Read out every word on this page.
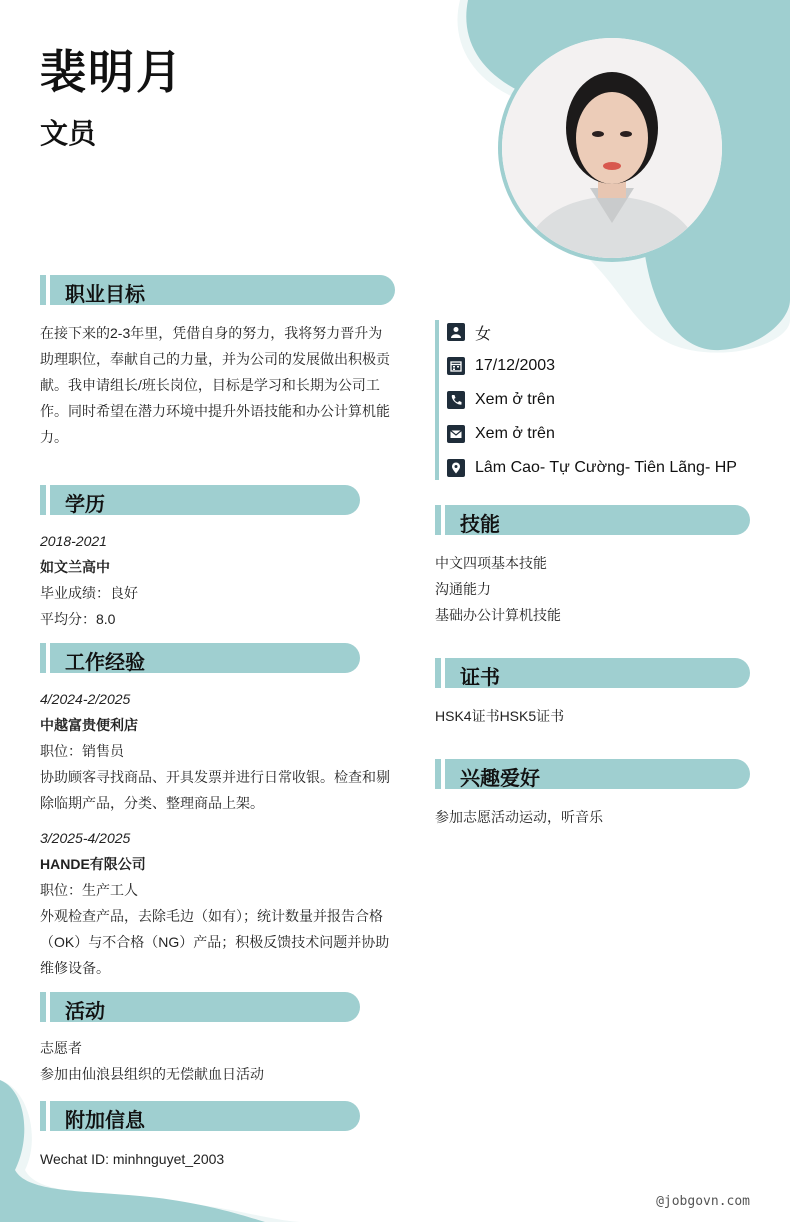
裴明月
文员
职业目标
在接下来的2-3年里，凭借自身的努力，我将努力晋升为
助理职位，奉献自己的力量，并为公司的发展做出积极贡
献。我申请组长/班长岗位，目标是学习和长期为公司工
作。同时希望在潜力环境中提升外语技能和办公计算机能
力。
学历
2018-2021
如文兰高中
毕业成绩：良好
平均分：8.0
工作经验
4/2024-2/2025
中越富贵便利店
职位：销售员
协助顾客寻找商品、开具发票并进行日常收银。检查和剔
除临期产品，分类、整理商品上架。
3/2025-4/2025
HANDE有限公司
职位：生产工人
外观检查产品，去除毛边（如有）；统计数量并报告合格
（OK）与不合格（NG）产品；积极反馈技术问题并协助
维修设备。
活动
志愿者
参加由仙浪县组织的无偿献血日活动
附加信息
Wechat ID: minhnguyet_2003
女
17/12/2003
Xem ở trên
Xem ở trên
Lâm Cao- Tự Cường- Tiên Lãng- HP
技能
中文四项基本技能
沟通能力
基础办公计算机技能
证书
HSK4证书HSK5证书
兴趣爱好
参加志愿活动运动，听音乐
@jobgovn.com
